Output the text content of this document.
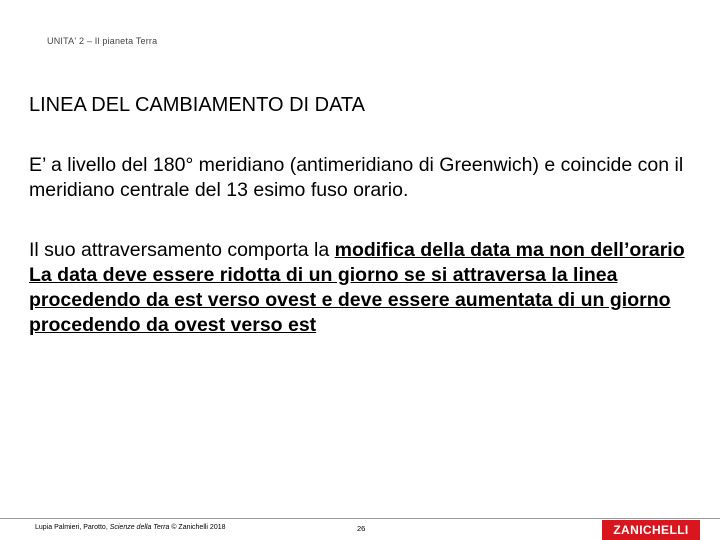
UNITA' 2 – Il pianeta Terra
LINEA DEL CAMBIAMENTO DI DATA
E’ a livello del 180° meridiano (antimeridiano di Greenwich) e coincide con il meridiano centrale del 13 esimo fuso orario.
Il suo attraversamento comporta la modifica della data ma non dell’orario
La data deve essere ridotta di un giorno se si attraversa la linea procedendo da est verso ovest e deve essere aumentata di un giorno procedendo da ovest verso est
Lupia Palmieri, Parotto, Scienze della Terra © Zanichelli 2018	26	ZANICHELLI
